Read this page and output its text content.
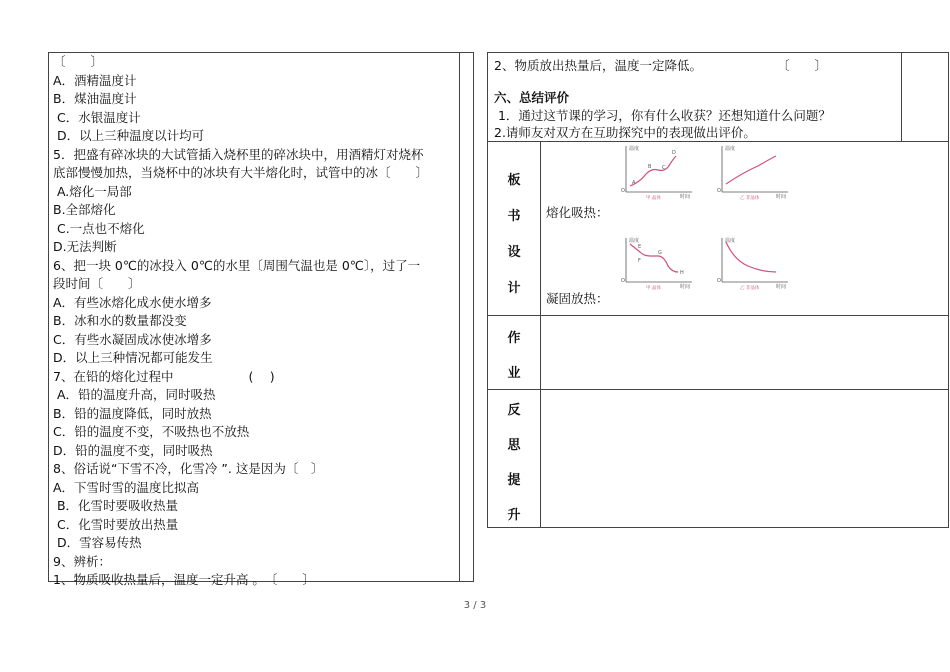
〔　　〕
A．酒精温度计
B．煤油温度计
C．水银温度计
D．以上三种温度以计均可
5．把盛有碎冰块的大试管插入烧杯里的碎冰块中，用酒精灯对烧杯
底部慢慢加热，当烧杯中的冰块有大半熔化时，试管中的冰〔　　〕
A.熔化一局部
B.全部熔化
C.一点也不熔化
D.无法判断
6、把一块 0℃的冰投入 0℃的水里〔周围气温也是 0℃〕，过了一
段时间〔　　〕
A．有些冰熔化成水使水增多
B．冰和水的数量都没变
C．有些水凝固成冰使冰增多
D．以上三种情况都可能发生
7、在铅的熔化过程中　　　　　　(　 )
A．铅的温度升高，同时吸热
B．铅的温度降低，同时放热
C．铅的温度不变，不吸热也不放热
D．铅的温度不变，同时吸热
8、俗话说“下雪不冷，化雪冷 ”. 这是因为〔　〕
A．下雪时雪的温度比拟高
B．化雪时要吸收热量
C．化雪时要放出热量
D．雪容易传热
9、辨析：
1、物质吸收热量后，温度一定升高 。　〔　　〕
2、物质放出热量后，温度一定降低。　　　　　　　〔　　〕
六、总结评价
1．通过这节课的学习，你有什么收获？还想知道什么问题？
2.请师友对双方在互助探究中的表现做出评价。
板
书
设
计
熔化吸热：
凝固放热：
作
业
反
思
提
升
温度
时间
O
A
B C
D
甲 晶体
温度
时间
O
乙 非晶体
温度
时间
O
E
F
G
H
甲 晶体
温度
时间
O
乙 非晶体
3 / 3
